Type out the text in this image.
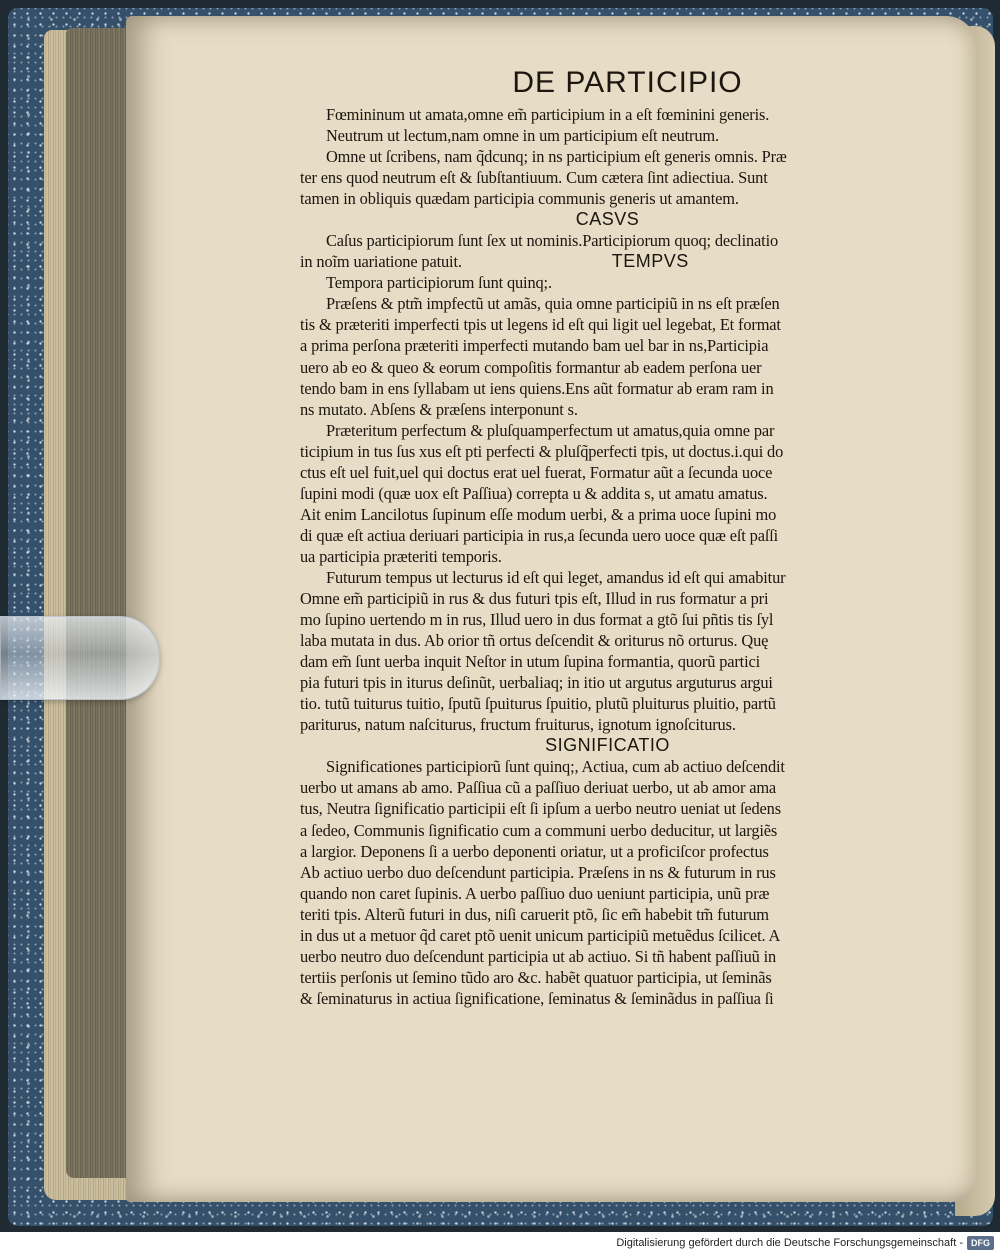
DE PARTICIPIO
Fœmininum ut amata,omne em̃ participium in a eſt fœminini generis.
Neutrum ut lectum,nam omne in um participium eſt neutrum.
Omne ut ſcribens, nam q̃dcunq; in ns participium eſt generis omnis. Præ
ter ens quod neutrum eſt & ſubſtantiuum. Cum cætera ſint adiectiua. Sunt
tamen in obliquis quædam participia communis generis ut amantem.
CASVS
Caſus participiorum ſunt ſex ut nominis.Participiorum quoq; declinatio
in noĩm uariatione patuit.	TEMPVS
Tempora participiorum ſunt quinq;.
Præſens & ptm̃ impfectũ ut amãs, quia omne participiũ in ns eſt præſen
tis & præteriti imperfecti tpis ut legens id eſt qui ligit uel legebat, Et format
a prima perſona præteriti imperfecti mutando bam uel bar in ns,Participia
uero ab eo & queo & eorum compoſitis formantur ab eadem perſona uer
tendo bam in ens ſyllabam ut iens quiens.Ens aũt formatur ab eram ram in
ns mutato. Abſens & præſens interponunt s.
Præteritum perfectum & pluſquamperfectum ut amatus,quia omne par
ticipium in tus ſus xus eſt pti perfecti & pluſq̃perfecti tpis, ut doctus.i.qui do
ctus eſt uel fuit,uel qui doctus erat uel fuerat, Formatur aũt a ſecunda uoce
ſupini modi (quæ uox eſt Paſſiua) correpta u & addita s, ut amatu amatus.
Ait enim Lancilotus ſupinum eſſe modum uerbi, & a prima uoce ſupini mo
di quæ eſt actiua deriuari participia in rus,a ſecunda uero uoce quæ eſt paſſi
ua participia præteriti temporis.
Futurum tempus ut lecturus id eſt qui leget, amandus id eſt qui amabitur
Omne em̃ participiũ in rus & dus futuri tpis eſt, Illud in rus formatur a pri
mo ſupino uertendo m in rus, Illud uero in dus format a gtõ ſui pñtis tis ſyl
laba mutata in dus. Ab orior tñ ortus deſcendit & oriturus nõ orturus. Quę
dam em̃ ſunt uerba inquit Neſtor in utum ſupina formantia, quorũ partici
pia futuri tpis in iturus deſinũt, uerbaliaq; in itio ut argutus arguturus argui
tio. tutũ tuiturus tuitio, ſputũ ſpuiturus ſpuitio, plutũ pluiturus pluitio, partũ
pariturus, natum naſciturus, fructum fruiturus, ignotum ignoſciturus.
SIGNIFICATIO
Significationes participiorũ ſunt quinq;, Actiua, cum ab actiuo deſcendit
uerbo ut amans ab amo. Paſſiua cũ a paſſiuo deriuat uerbo, ut ab amor ama
tus, Neutra ſignificatio participii eſt ſi ipſum a uerbo neutro ueniat ut ſedens
a ſedeo, Communis ſignificatio cum a communi uerbo deducitur, ut largiẽs
a largior. Deponens ſi a uerbo deponenti oriatur, ut a proficiſcor profectus
Ab actiuo uerbo duo deſcendunt participia. Præſens in ns & futurum in rus
quando non caret ſupinis. A uerbo paſſiuo duo ueniunt participia, unũ præ
teriti tpis. Alterũ futuri in dus, niſi caruerit ptõ, ſic em̃ habebit tm̃ futurum
in dus ut a metuor q̃d caret ptõ uenit unicum participiũ metuẽdus ſcilicet. A
uerbo neutro duo deſcendunt participia ut ab actiuo. Si tñ habent paſſiuũ in
tertiis perſonis ut ſemino tũdo aro &c. habẽt quatuor participia, ut ſeminãs
& ſeminaturus in actiua ſignificatione, ſeminatus & ſeminãdus in paſſiua ſi
Digitalisierung gefördert durch die Deutsche Forschungsgemeinschaft - DFG
